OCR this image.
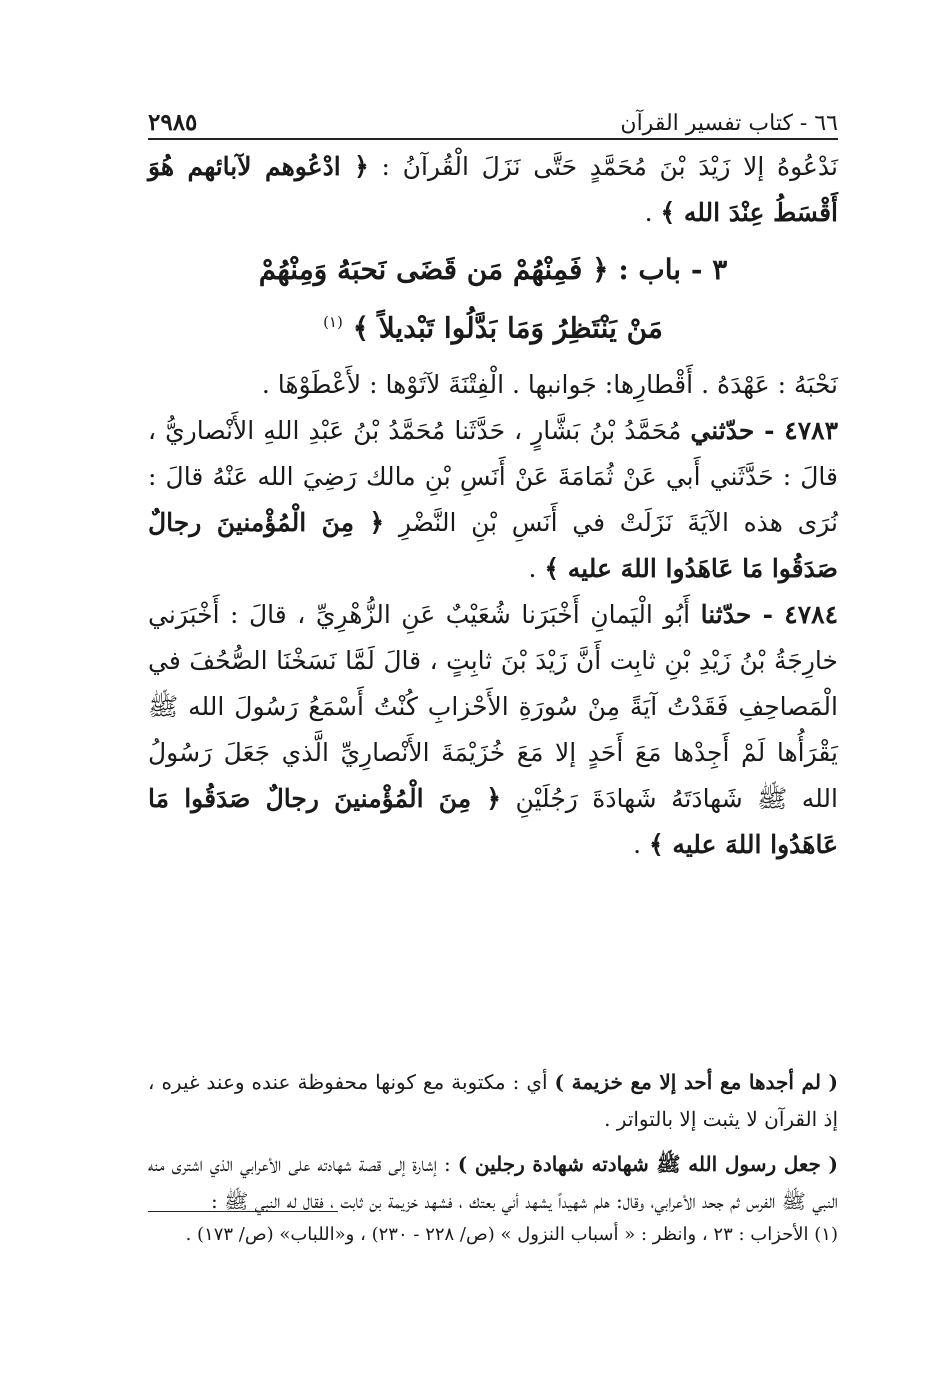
٦٦ - كتاب تفسير القرآن
٢٩٨٥

نَدْعُوهُ إلا زَيْدَ بْنَ مُحَمَّدٍ حَتَّى نَزَلَ الْقُرآنُ : ﴿ ادْعُوهم لآبائهم هُوَ أَقْسَطُ عِنْدَ الله ﴾ .

٣ - باب : ﴿ فَمِنْهُمْ مَن قَضَى نَحبَهُ وَمِنْهُمْ
مَنْ يَنْتَظِرُ وَمَا بَدَّلُوا تَبْديلاً ﴾ $^{(١)}$

نَحْبَهُ : عَهْدَهُ . أَقْطارِها: جَوانبها . الْفِتْنَةَ لآتَوْها : لأَعْطَوْهَا .

٤٧٨٣ - حدّثني مُحَمَّدُ بْنُ بَشَّارٍ ، حَدَّثَنا مُحَمَّدُ بْنُ عَبْدِ اللهِ الأَنْصاريُّ ، قالَ : حَدَّثَني أَبي عَنْ ثُمَامَةَ عَنْ أَنَسِ بْنِ مالك رَضِيَ الله عَنْهُ قالَ : نُرَى هذه الآيَةَ نَزَلَتْ في أَنَسِ بْنِ النَّضْرِ ﴿ مِنَ الْمُؤْمنينَ رجالٌ صَدَقُوا مَا عَاهَدُوا اللهَ عليه ﴾ .

٤٧٨٤ - حدّثنا أَبُو الْيَمانِ أَخْبَرَنا شُعَيْبٌ عَنِ الزُّهْرِيِّ ، قالَ : أَخْبَرَني خارِجَةُ بْنُ زَيْدِ بْنِ ثابِت أَنَّ زَيْدَ بْنَ ثابِتٍ ، قالَ لَمَّا نَسَخْنَا الصُّحُفَ في الْمَصاحِفِ فَقَدْتُ آيَةً مِنْ سُورَةِ الأَحْزابِ كُنْتُ أَسْمَعُ رَسُولَ الله ﷺ يَقْرَأُها لَمْ أَجِدْها مَعَ أَحَدٍ إلا مَعَ خُزَيْمَةَ الأَنْصارِيِّ الَّذي جَعَلَ رَسُولُ الله ﷺ شَهادَتَهُ شَهادَةَ رَجُلَيْنِ ﴿ مِنَ الْمُؤْمنينَ رجالٌ صَدَقُوا مَا عَاهَدُوا اللهَ عليه ﴾ .

( لم أجدها مع أحد إلا مع خزيمة ) أي : مكتوبة مع كونها محفوظة عنده وعند غيره ، إذ القرآن لا يثبت إلا بالتواتر .

( جعل رسول الله ﷺ شهادته شهادة رجلين ) : إشارة إلى قصة شهادته على الأعرابي الذي اشترى منه النبي ﷺ الفرس ثم جحد الأعرابي، وقال: هلم شهيداً يشهد أني بعتك ، فشهد خزيمة بن ثابت ، فقال له النبي ﷺ :

(١) الأحزاب : ٢٣ ، وانظر : « أسباب النزول » (ص/ ٢٢٨ - ٢٣٠) ، و«اللباب» (ص/ ١٧٣) .
